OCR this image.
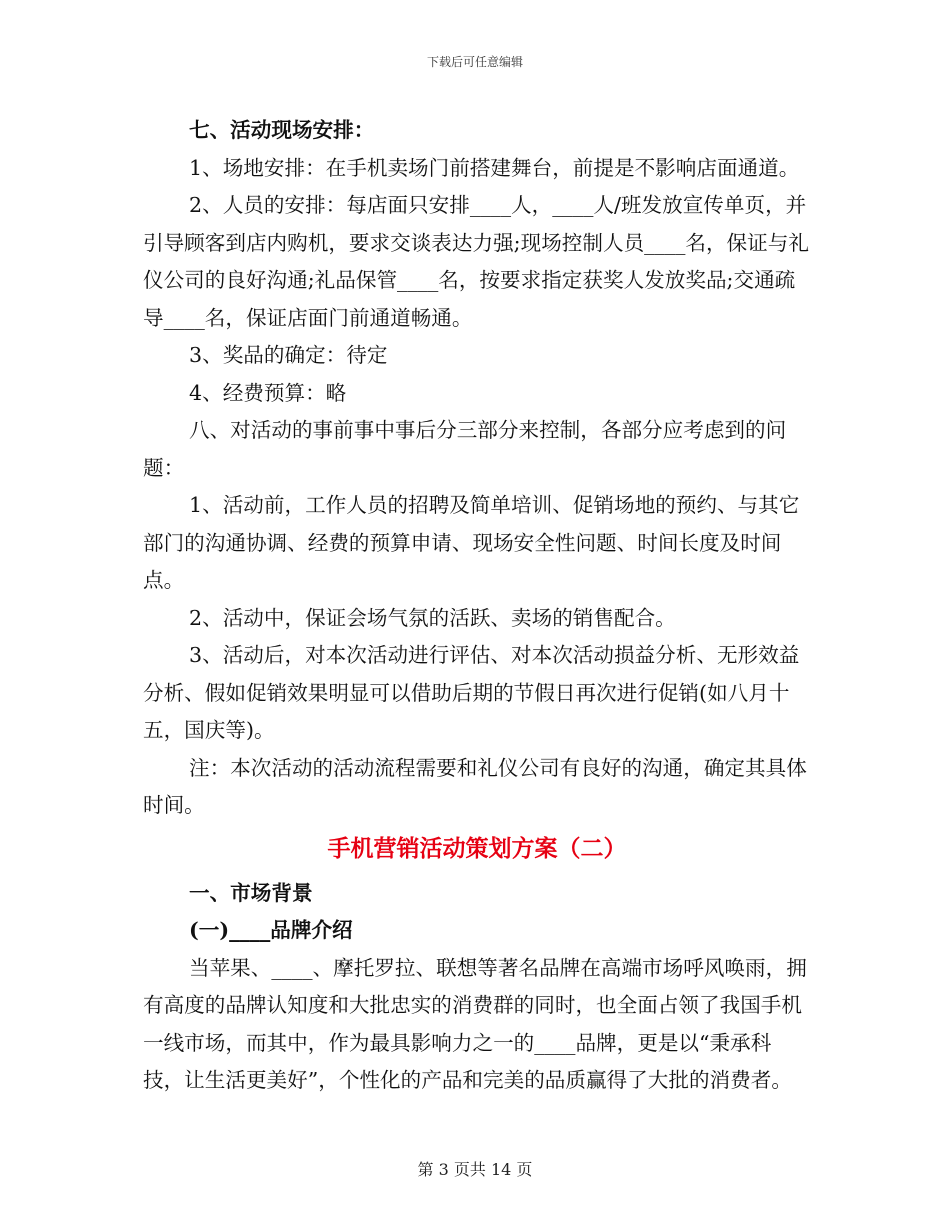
下载后可任意编辑

七、活动现场安排：

1、场地安排：在手机卖场门前搭建舞台，前提是不影响店面通道。

2、人员的安排：每店面只安排____人，____人/班发放宣传单页，并引导顾客到店内购机，要求交谈表达力强;现场控制人员____名，保证与礼仪公司的良好沟通;礼品保管____名，按要求指定获奖人发放奖品;交通疏导____名，保证店面门前通道畅通。

3、奖品的确定：待定

4、经费预算：略

八、对活动的事前事中事后分三部分来控制，各部分应考虑到的问题：

1、活动前，工作人员的招聘及简单培训、促销场地的预约、与其它部门的沟通协调、经费的预算申请、现场安全性问题、时间长度及时间点。

2、活动中，保证会场气氛的活跃、卖场的销售配合。

3、活动后，对本次活动进行评估、对本次活动损益分析、无形效益分析、假如促销效果明显可以借助后期的节假日再次进行促销(如八月十五，国庆等)。

注：本次活动的活动流程需要和礼仪公司有良好的沟通，确定其具体时间。

手机营销活动策划方案（二）

一、市场背景

(一)____品牌介绍

当苹果、____、摩托罗拉、联想等著名品牌在高端市场呼风唤雨，拥有高度的品牌认知度和大批忠实的消费群的同时，也全面占领了我国手机一线市场，而其中，作为最具影响力之一的____品牌，更是以“秉承科技，让生活更美好”，个性化的产品和完美的品质赢得了大批的消费者。

第 3 页共 14 页
